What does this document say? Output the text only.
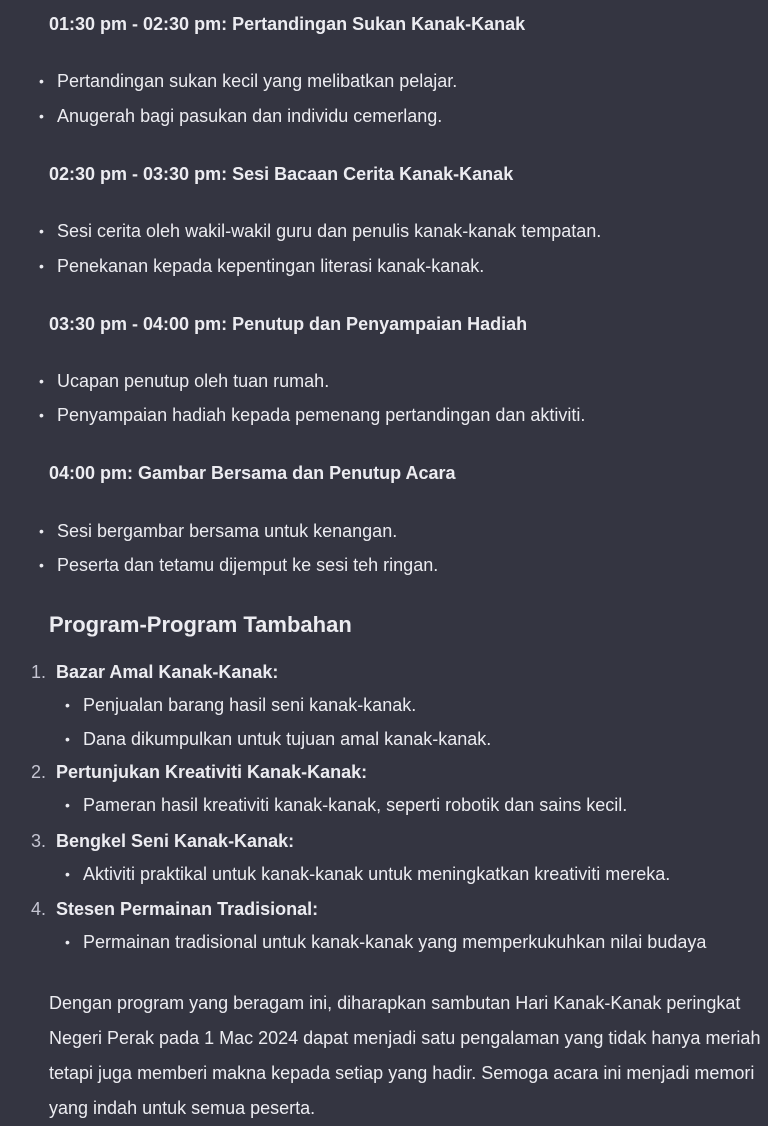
01:30 pm - 02:30 pm: Pertandingan Sukan Kanak-Kanak
• Pertandingan sukan kecil yang melibatkan pelajar.
• Anugerah bagi pasukan dan individu cemerlang.
02:30 pm - 03:30 pm: Sesi Bacaan Cerita Kanak-Kanak
• Sesi cerita oleh wakil-wakil guru dan penulis kanak-kanak tempatan.
• Penekanan kepada kepentingan literasi kanak-kanak.
03:30 pm - 04:00 pm: Penutup dan Penyampaian Hadiah
• Ucapan penutup oleh tuan rumah.
• Penyampaian hadiah kepada pemenang pertandingan dan aktiviti.
04:00 pm: Gambar Bersama dan Penutup Acara
• Sesi bergambar bersama untuk kenangan.
• Peserta dan tetamu dijemput ke sesi teh ringan.
Program-Program Tambahan
1. Bazar Amal Kanak-Kanak:
• Penjualan barang hasil seni kanak-kanak.
• Dana dikumpulkan untuk tujuan amal kanak-kanak.
2. Pertunjukan Kreativiti Kanak-Kanak:
• Pameran hasil kreativiti kanak-kanak, seperti robotik dan sains kecil.
3. Bengkel Seni Kanak-Kanak:
• Aktiviti praktikal untuk kanak-kanak untuk meningkatkan kreativiti mereka.
4. Stesen Permainan Tradisional:
• Permainan tradisional untuk kanak-kanak yang memperkukuhkan nilai budaya
Dengan program yang beragam ini, diharapkan sambutan Hari Kanak-Kanak peringkat Negeri Perak pada 1 Mac 2024 dapat menjadi satu pengalaman yang tidak hanya meriah tetapi juga memberi makna kepada setiap yang hadir. Semoga acara ini menjadi memori yang indah untuk semua peserta.
